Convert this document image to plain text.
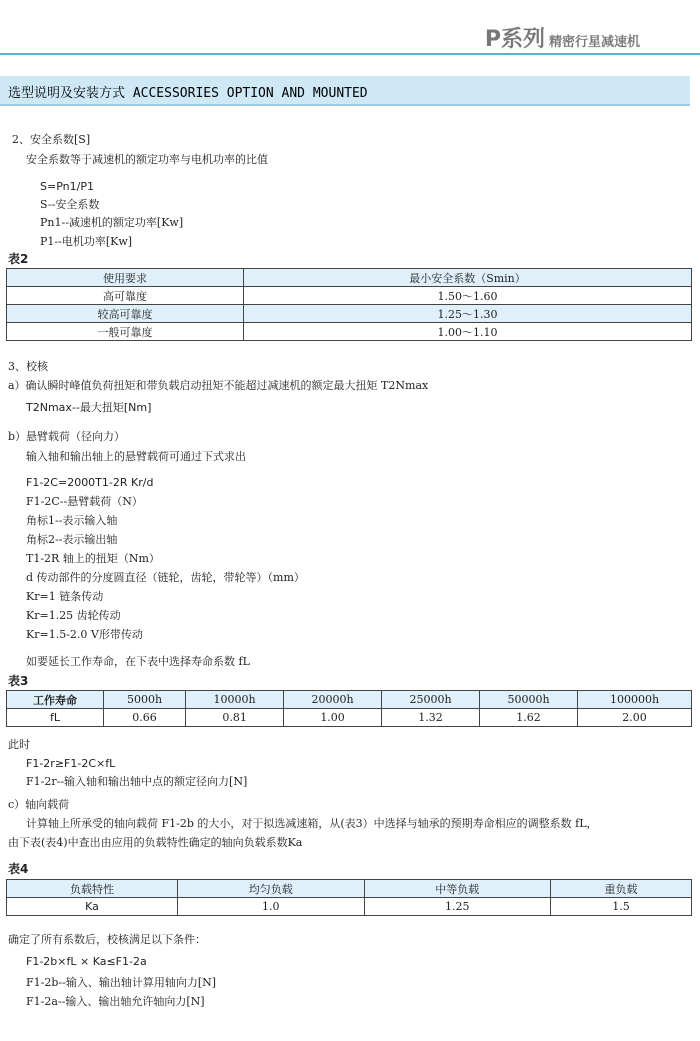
P系列 精密行星减速机
选型说明及安装方式 ACCESSORIES OPTION AND MOUNTED
2、安全系数[S]
安全系数等于减速机的额定功率与电机功率的比值
S=Pn1/P1
S--安全系数
Pn1--减速机的额定功率[Kw]
P1--电机功率[Kw]
表2
使用要求	最小安全系数（Smin）
高可靠度	1.50～1.60
较高可靠度	1.25～1.30
一般可靠度	1.00～1.10
3、校核
a）确认瞬时峰值负荷扭矩和带负载启动扭矩不能超过减速机的额定最大扭矩 T2Nmax
T2Nmax--最大扭矩[Nm]
b）悬臂载荷（径向力）
输入轴和输出轴上的悬臂载荷可通过下式求出
F1-2C=2000T1-2R Kr/d
F1-2C--悬臂载荷（N）
角标1--表示输入轴
角标2--表示输出轴
T1-2R 轴上的扭矩（Nm）
d 传动部件的分度圆直径（链轮，齿轮，带轮等）（mm）
Kr=1 链条传动
Kr=1.25 齿轮传动
Kr=1.5-2.0 V形带传动
如要延长工作寿命，在下表中选择寿命系数 fL
表3
工作寿命	5000h	10000h	20000h	25000h	50000h	100000h
fL	0.66	0.81	1.00	1.32	1.62	2.00
此时
F1-2r≥F1-2C×fL
F1-2r--输入轴和输出轴中点的额定径向力[N]
c）轴向载荷
计算轴上所承受的轴向载荷 F1-2b 的大小，对于拟选减速箱，从(表3）中选择与轴承的预期寿命相应的调整系数 fL，
由下表(表4)中查出由应用的负载特性确定的轴向负载系数Ka
表4
负载特性	均匀负载	中等负载	重负载
Ka	1.0	1.25	1.5
确定了所有系数后，校核满足以下条件：
F1-2b×fL × Ka≤F1-2a
F1-2b--输入、输出轴计算用轴向力[N]
F1-2a--输入、输出轴允许轴向力[N]
